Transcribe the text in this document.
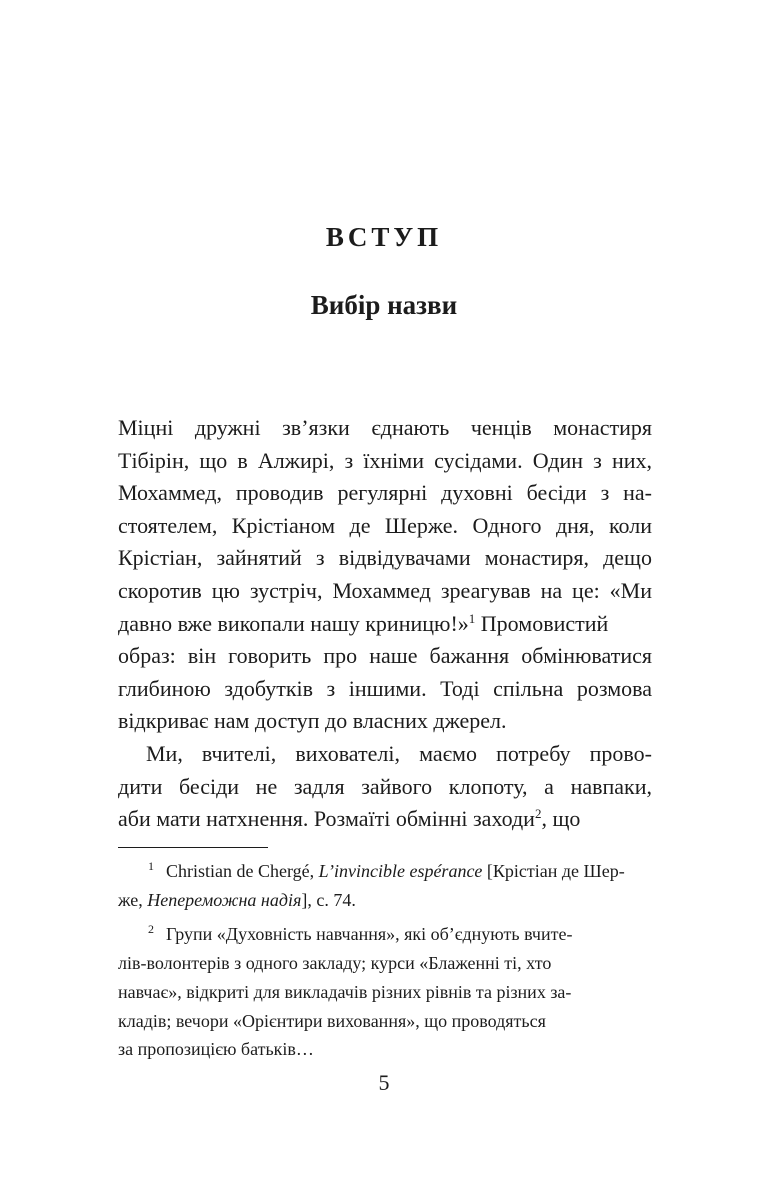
ВСТУП
Вибір назви
Міцні дружні зв’язки єднають ченців монастиря
Тібірін, що в Алжирі, з їхніми сусідами. Один з них,
Мохаммед, проводив регулярні духовні бесіди з на-
стоятелем, Крістіаном де Шерже. Одного дня, коли
Крістіан, зайнятий з відвідувачами монастиря, дещо
скоротив цю зустріч, Мохаммед зреагував на це: «Ми
давно вже викопали нашу криницю!»$^1$ Промовистий
образ: він говорить про наше бажання обмінюватися
глибиною здобутків з іншими. Тоді спільна розмова
відкриває нам доступ до власних джерел.
Ми, вчителі, вихователі, маємо потребу прово-
дити бесіди не задля зайвого клопоту, а навпаки,
аби мати натхнення. Розмаїті обмінні заходи$^2$, що
$^1$ Christian de Chergé, L’invincible espérance [Крістіан де Шер-
же, Непереможна надія], с. 74.
$^2$ Групи «Духовність навчання», які об’єднують вчите-
лів-волонтерів з одного закладу; курси «Блаженні ті, хто
навчає», відкриті для викладачів різних рівнів та різних за-
кладів; вечори «Орієнтири виховання», що проводяться
за пропозицією батьків…
5
